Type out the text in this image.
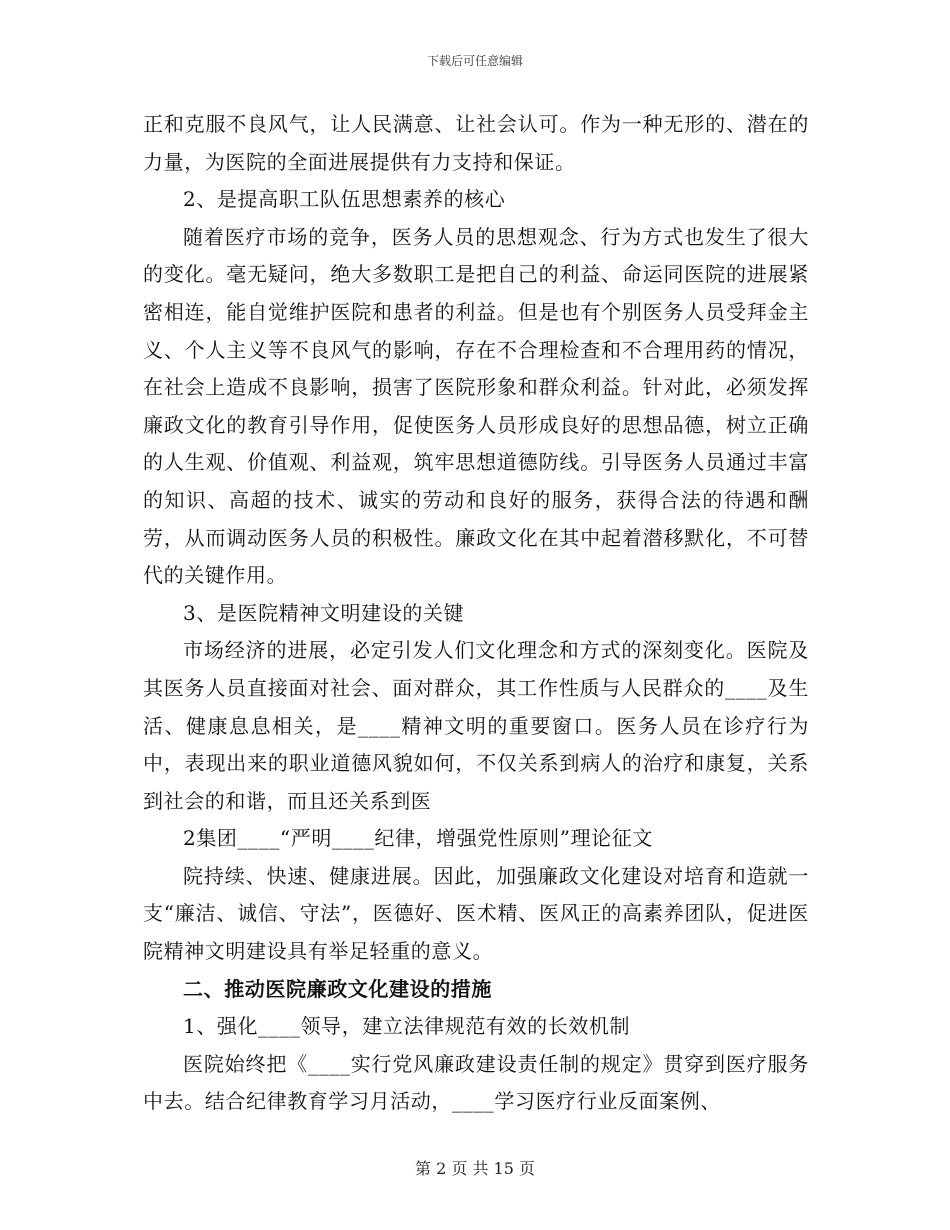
下载后可任意编辑

正和克服不良风气，让人民满意、让社会认可。作为一种无形的、潜在的力量，为医院的全面进展提供有力支持和保证。

2、是提高职工队伍思想素养的核心

随着医疗市场的竞争，医务人员的思想观念、行为方式也发生了很大的变化。毫无疑问，绝大多数职工是把自己的利益、命运同医院的进展紧密相连，能自觉维护医院和患者的利益。但是也有个别医务人员受拜金主义、个人主义等不良风气的影响，存在不合理检查和不合理用药的情况，在社会上造成不良影响，损害了医院形象和群众利益。针对此，必须发挥廉政文化的教育引导作用，促使医务人员形成良好的思想品德，树立正确的人生观、价值观、利益观，筑牢思想道德防线。引导医务人员通过丰富的知识、高超的技术、诚实的劳动和良好的服务，获得合法的待遇和酬劳，从而调动医务人员的积极性。廉政文化在其中起着潜移默化，不可替代的关键作用。

3、是医院精神文明建设的关键

市场经济的进展，必定引发人们文化理念和方式的深刻变化。医院及其医务人员直接面对社会、面对群众，其工作性质与人民群众的____及生活、健康息息相关，是____精神文明的重要窗口。医务人员在诊疗行为中，表现出来的职业道德风貌如何，不仅关系到病人的治疗和康复，关系到社会的和谐，而且还关系到医

2集团____“严明____纪律，增强党性原则”理论征文

院持续、快速、健康进展。因此，加强廉政文化建设对培育和造就一支“廉洁、诚信、守法”，医德好、医术精、医风正的高素养团队，促进医院精神文明建设具有举足轻重的意义。

二、推动医院廉政文化建设的措施

1、强化____领导，建立法律规范有效的长效机制

医院始终把《____实行党风廉政建设责任制的规定》贯穿到医疗服务中去。结合纪律教育学习月活动，____学习医疗行业反面案例、

第 2 页 共 15 页
